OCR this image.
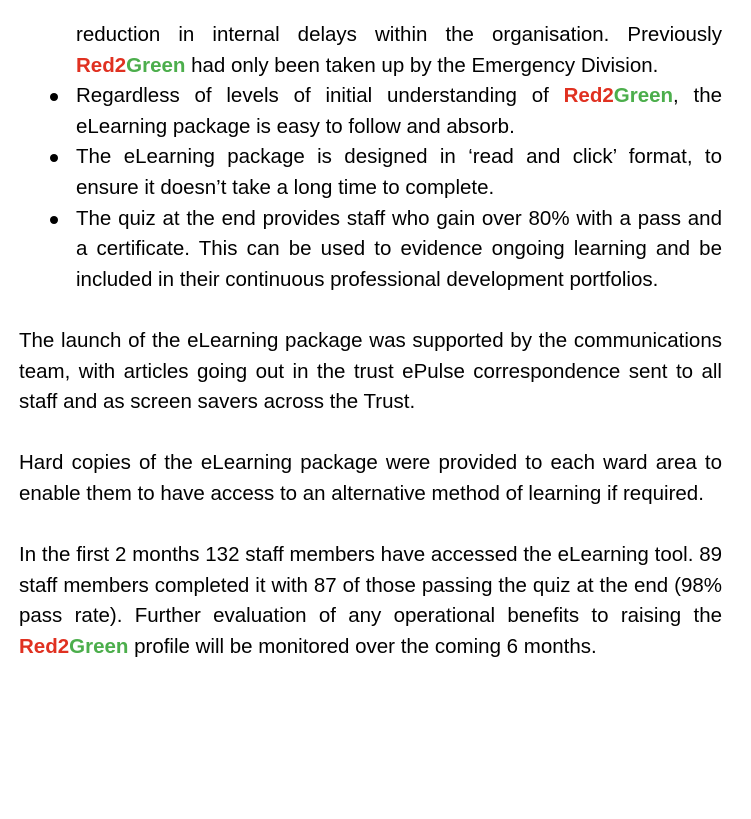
reduction in internal delays within the organisation. Previously Red2Green had only been taken up by the Emergency Division.
Regardless of levels of initial understanding of Red2Green, the eLearning package is easy to follow and absorb.
The eLearning package is designed in ‘read and click’ format, to ensure it doesn’t take a long time to complete.
The quiz at the end provides staff who gain over 80% with a pass and a certificate. This can be used to evidence ongoing learning and be included in their continuous professional development portfolios.

The launch of the eLearning package was supported by the communications team, with articles going out in the trust ePulse correspondence sent to all staff and as screen savers across the Trust.

Hard copies of the eLearning package were provided to each ward area to enable them to have access to an alternative method of learning if required.

In the first 2 months 132 staff members have accessed the eLearning tool. 89 staff members completed it with 87 of those passing the quiz at the end (98% pass rate). Further evaluation of any operational benefits to raising the Red2Green profile will be monitored over the coming 6 months.
